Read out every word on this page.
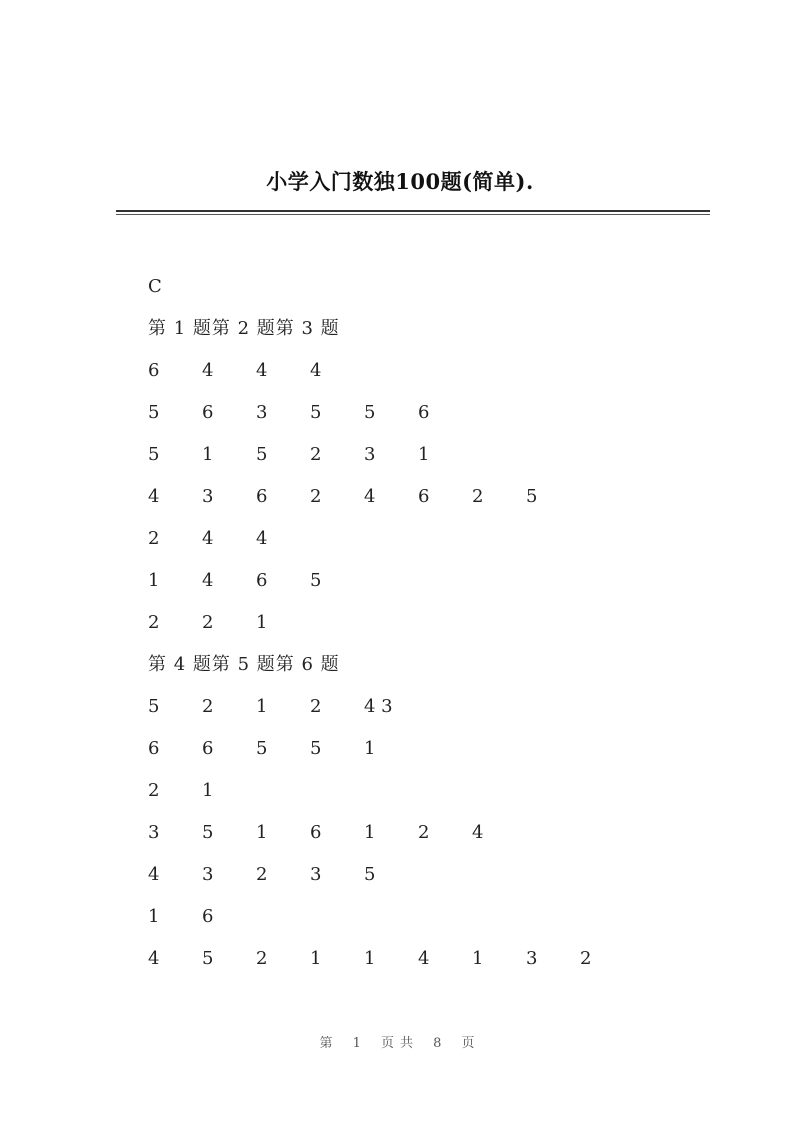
小学入门数独100题(简单).
C
第 1 题第 2 题第 3 题
6	4	4	4
5	6	3	5	5	6
5	1	5	2	3	1
4	3	6	2	4	6	2	5
2	4	4
1	4	6	5
2	2	1
第 4 题第 5 题第 6 题
5	2	1	2	4 3
6	6	5	5	1
2	1
3	5	1	6	1	2	4
4	3	2	3	5
1	6
4	5	2	1	1	4	1	3	2
第 1 页共 8 页
